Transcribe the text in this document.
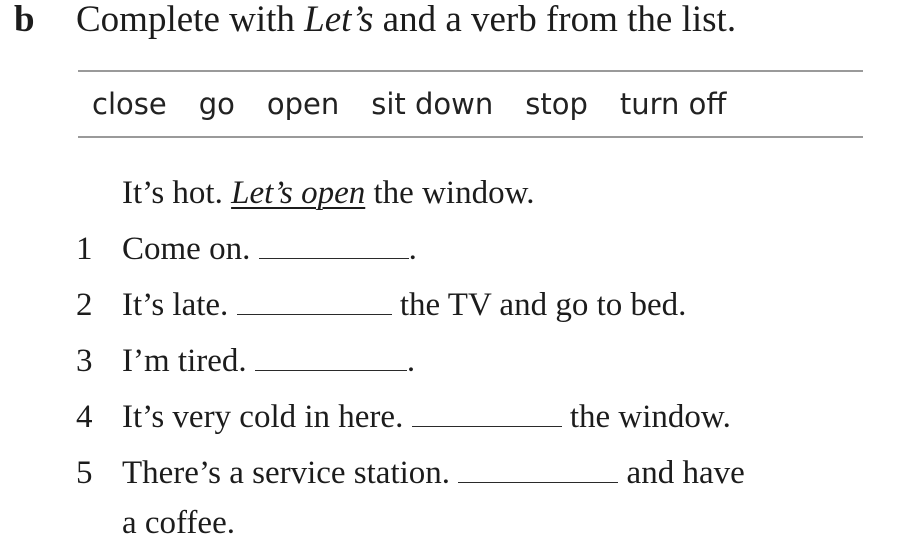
b Complete with Let’s and a verb from the list.
close go open sit down stop turn off
It’s hot. Let’s open the window.
1 Come on.	.
2 It’s late.	the TV and go to bed.
3 I’m tired.	.
4 It’s very cold in here.	the window.
5 There’s a service station.	and have
a coffee.
